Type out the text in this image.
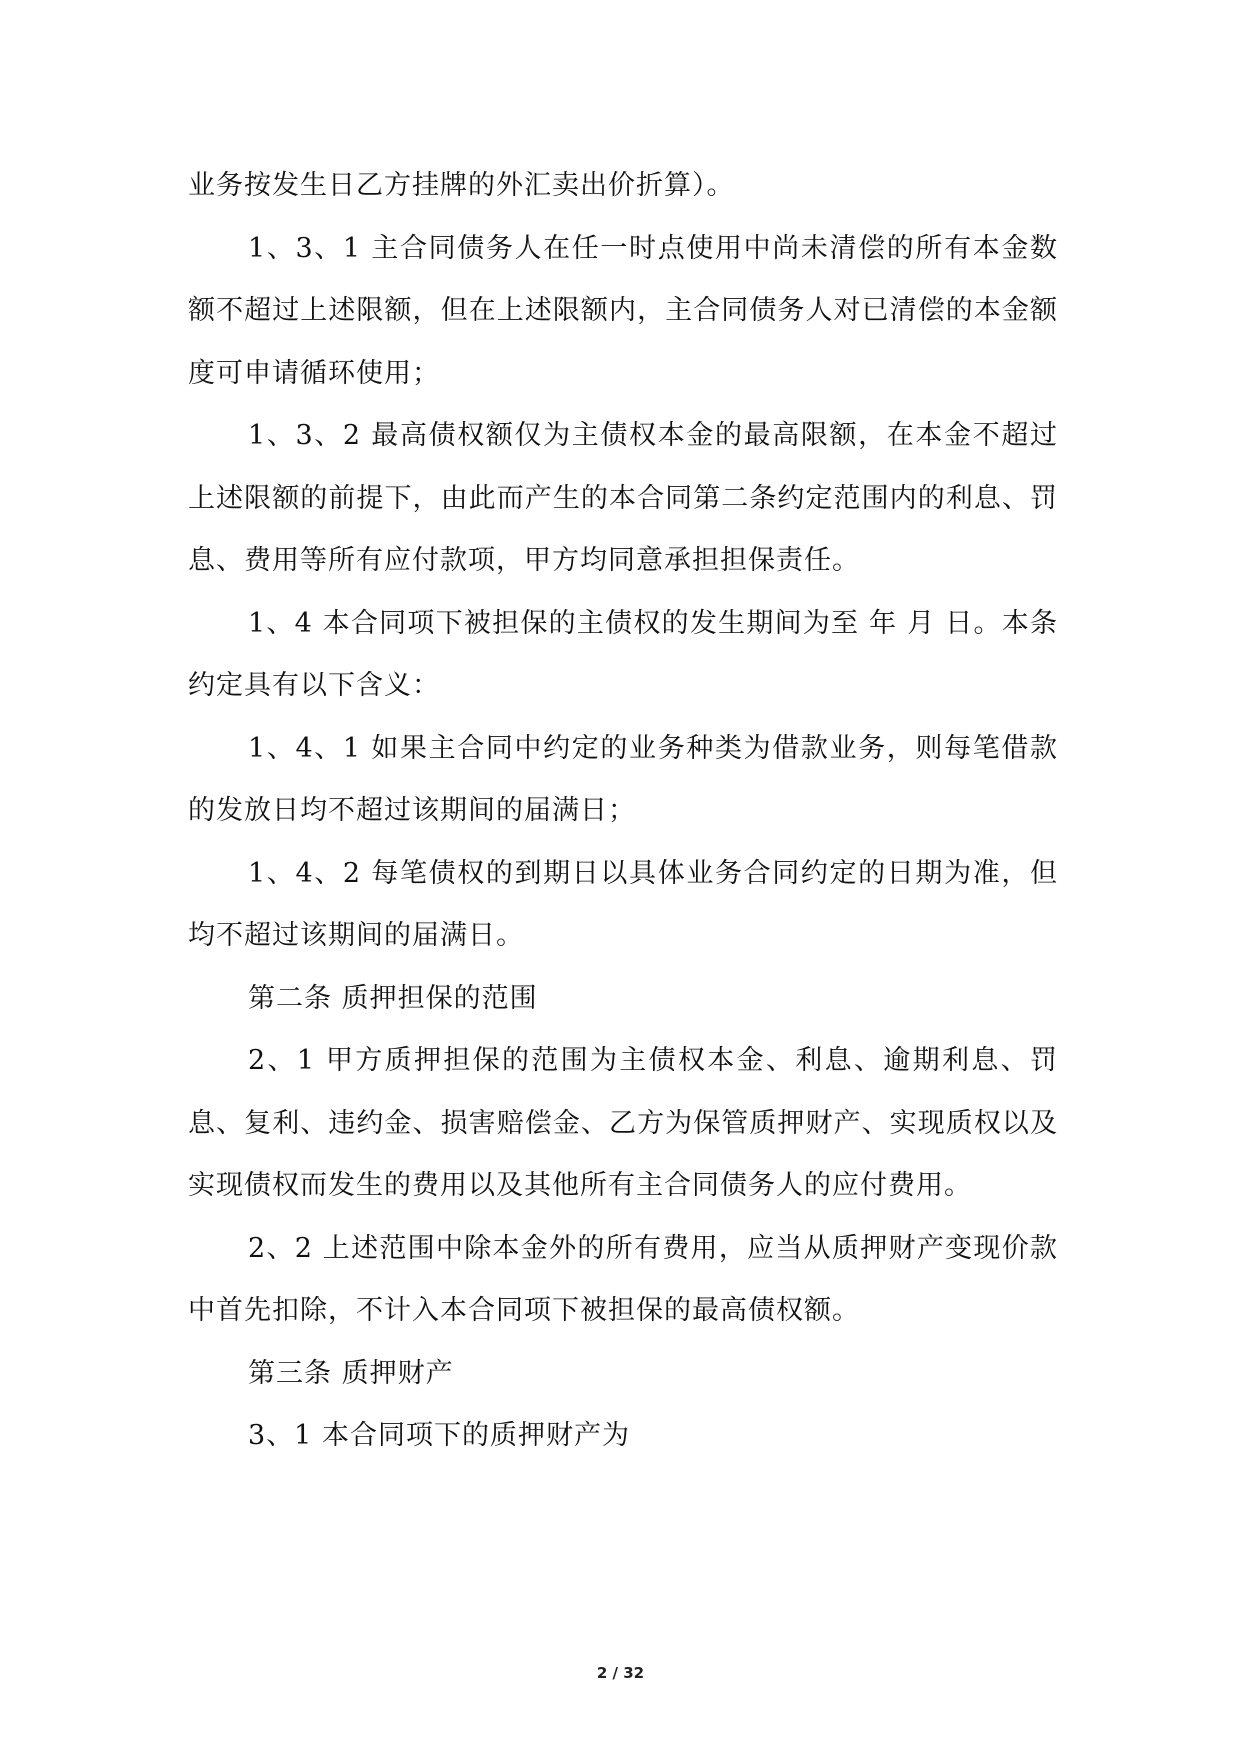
业务按发生日乙方挂牌的外汇卖出价折算）。

1、3、1 主合同债务人在任一时点使用中尚未清偿的所有本金数额不超过上述限额，但在上述限额内，主合同债务人对已清偿的本金额度可申请循环使用；

1、3、2 最高债权额仅为主债权本金的最高限额，在本金不超过上述限额的前提下，由此而产生的本合同第二条约定范围内的利息、罚息、费用等所有应付款项，甲方均同意承担担保责任。

1、4 本合同项下被担保的主债权的发生期间为至 年 月 日。本条约定具有以下含义：

1、4、1 如果主合同中约定的业务种类为借款业务，则每笔借款的发放日均不超过该期间的届满日；

1、4、2 每笔债权的到期日以具体业务合同约定的日期为准，但均不超过该期间的届满日。

第二条 质押担保的范围

2、1 甲方质押担保的范围为主债权本金、利息、逾期利息、罚息、复利、违约金、损害赔偿金、乙方为保管质押财产、实现质权以及实现债权而发生的费用以及其他所有主合同债务人的应付费用。

2、2 上述范围中除本金外的所有费用，应当从质押财产变现价款中首先扣除，不计入本合同项下被担保的最高债权额。

第三条 质押财产

3、1 本合同项下的质押财产为

2 / 32
